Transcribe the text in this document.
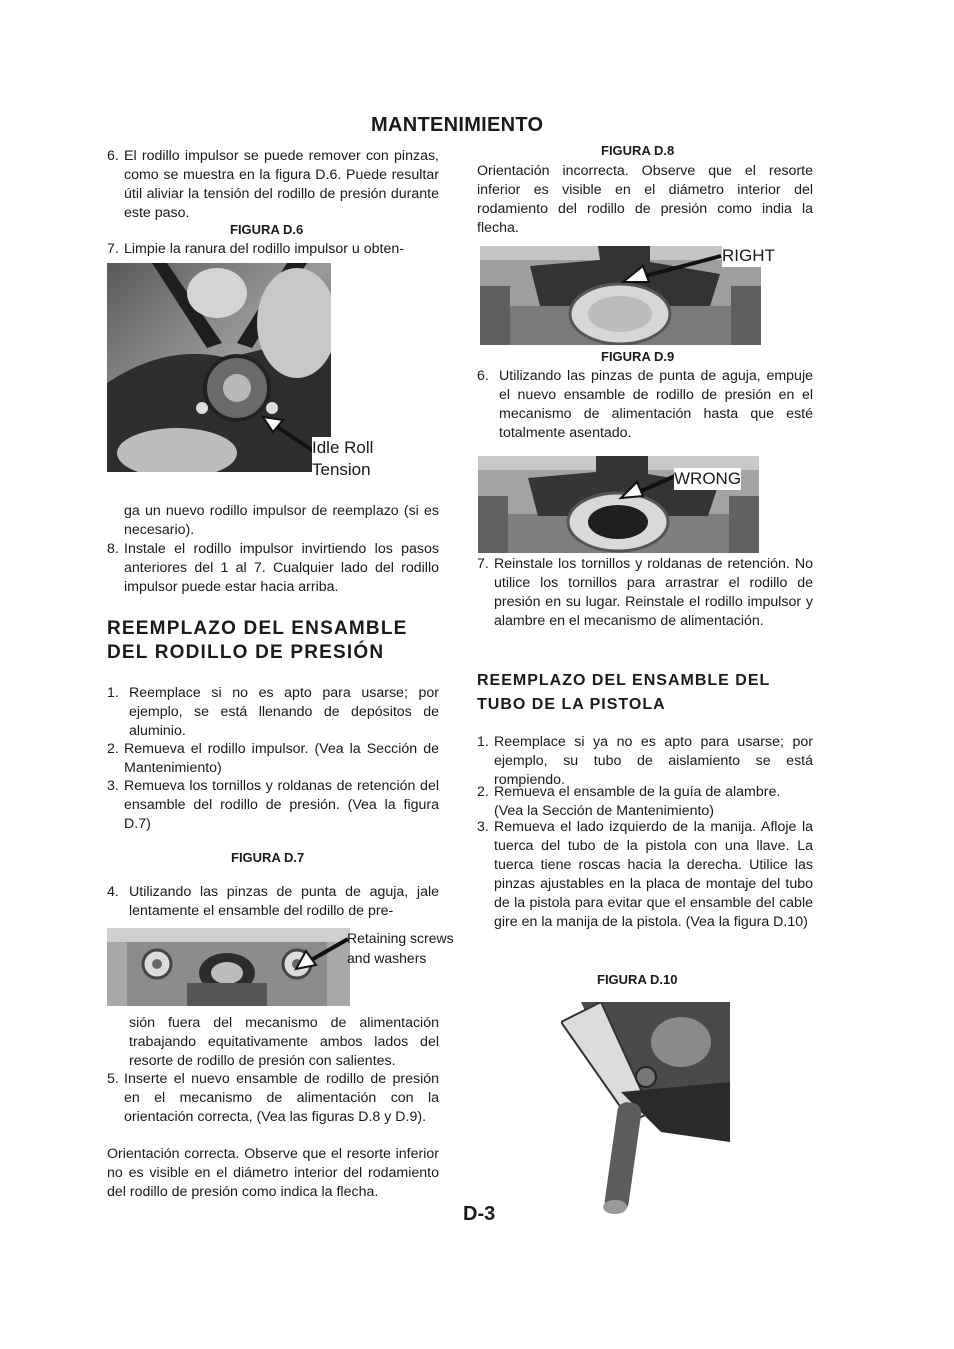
MANTENIMIENTO
6. El rodillo impulsor se puede remover con pinzas, como se muestra en la figura D.6. Puede resultar útil aliviar la tensión del rodillo de presión durante este paso.
FIGURA D.6
7. Limpie la ranura del rodillo impulsor u obten-
Idle Roll Tension
ga un nuevo rodillo impulsor de reemplazo (si es necesario).
8. Instale el rodillo impulsor invirtiendo los pasos anteriores del 1 al 7. Cualquier lado del rodillo impulsor puede estar hacia arriba.
REEMPLAZO DEL ENSAMBLE DEL RODILLO DE PRESIÓN
1. Reemplace si no es apto para usarse; por ejemplo, se está llenando de depósitos de aluminio.
2. Remueva el rodillo impulsor. (Vea la Sección de Mantenimiento)
3. Remueva los tornillos y roldanas de retención del ensamble del rodillo de presión. (Vea la figura D.7)
FIGURA D.7
4. Utilizando las pinzas de punta de aguja, jale lentamente el ensamble del rodillo de pre-
Retaining screws and washers
sión fuera del mecanismo de alimentación trabajando equitativamente ambos lados del resorte de rodillo de presión con salientes.
5. Inserte el nuevo ensamble de rodillo de presión en el mecanismo de alimentación con la orientación correcta, (Vea las figuras D.8 y D.9).
Orientación correcta. Observe que el resorte inferior no es visible en el diámetro interior del rodamiento del rodillo de presión como indica la flecha.
FIGURA D.8
Orientación incorrecta. Observe que el resorte inferior es visible en el diámetro interior del rodamiento del rodillo de presión como india la flecha.
RIGHT
FIGURA D.9
6. Utilizando las pinzas de punta de aguja, empuje el nuevo ensamble de rodillo de presión en el mecanismo de alimentación hasta que esté totalmente asentado.
WRONG
7. Reinstale los tornillos y roldanas de retención. No utilice los tornillos para arrastrar el rodillo de presión en su lugar. Reinstale el rodillo impulsor y alambre en el mecanismo de alimentación.
REEMPLAZO DEL ENSAMBLE DEL TUBO DE LA PISTOLA
1. Reemplace si ya no es apto para usarse; por ejemplo, su tubo de aislamiento se está rompiendo.
2. Remueva el ensamble de la guía de alambre. (Vea la Sección de Mantenimiento)
3. Remueva el lado izquierdo de la manija. Afloje la tuerca del tubo de la pistola con una llave. La tuerca tiene roscas hacia la derecha. Utilice las pinzas ajustables en la placa de montaje del tubo de la pistola para evitar que el ensamble del cable gire en la manija de la pistola. (Vea la figura D.10)
FIGURA D.10
D-3
